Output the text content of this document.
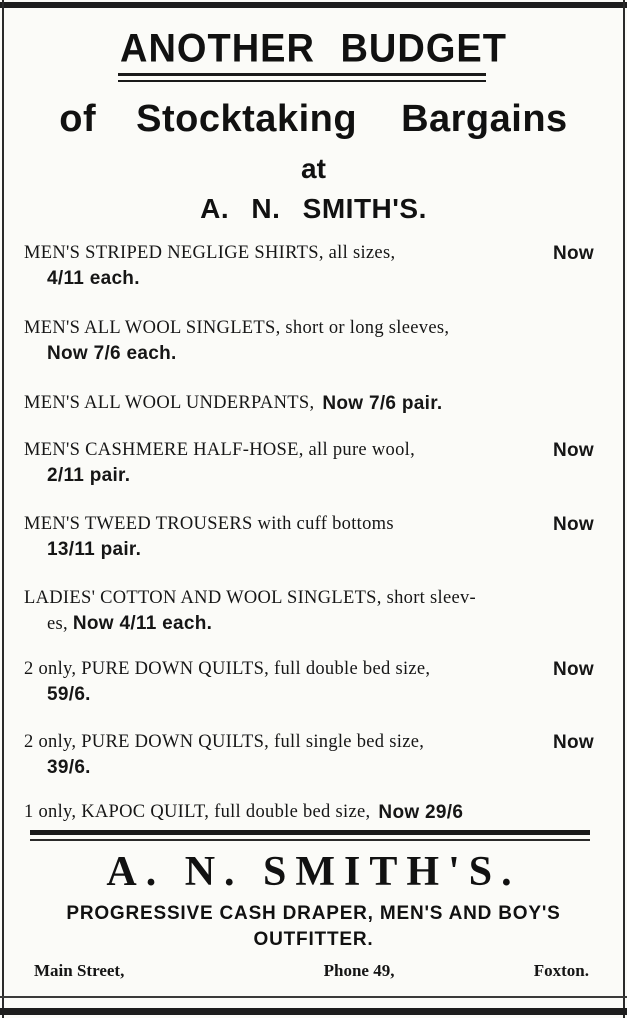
ANOTHER BUDGET
of Stocktaking Bargains
at
A. N. SMITH'S.
MEN'S STRIPED NEGLIGE SHIRTS, all sizes,	Now
4/11 each.
MEN'S ALL WOOL SINGLETS, short or long sleeves,
Now 7/6 each.
MEN'S ALL WOOL UNDERPANTS, Now 7/6 pair.
MEN'S CASHMERE HALF-HOSE, all pure wool,	Now
2/11 pair.
MEN'S TWEED TROUSERS with cuff bottoms	Now
13/11 pair.
LADIES' COTTON AND WOOL SINGLETS, short sleev-
es, Now 4/11 each.
2 only, PURE DOWN QUILTS, full double bed size,	Now
59/6.
2 only, PURE DOWN QUILTS, full single bed size,	Now
39/6.
1 only, KAPOC QUILT, full double bed size, Now 29/6
A. N. SMITH'S.
PROGRESSIVE CASH DRAPER, MEN'S AND BOY'S OUTFITTER.
Main Street,	Phone 49,	Foxton.
